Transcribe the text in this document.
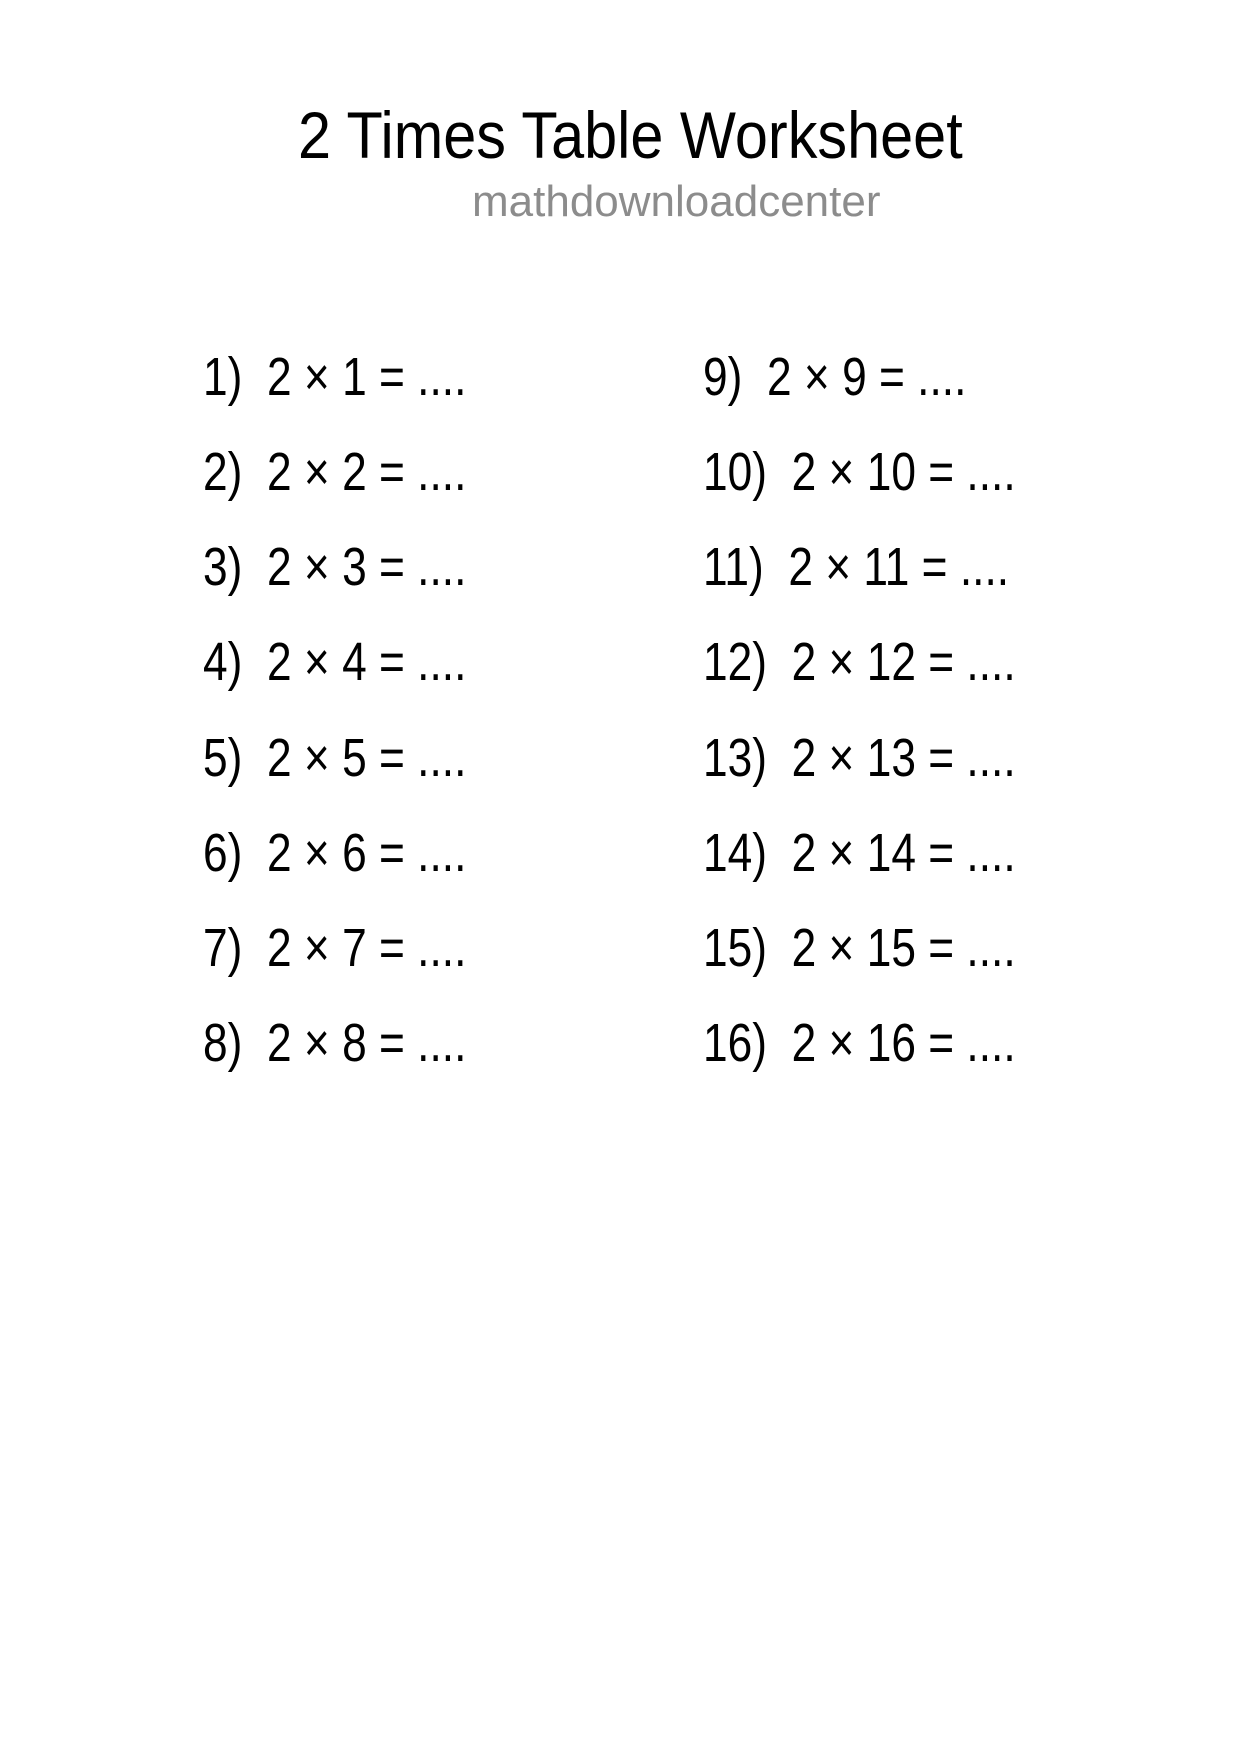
2 Times Table Worksheet
mathdownloadcenter
1) 2 × 1 = ....
2) 2 × 2 = ....
3) 2 × 3 = ....
4) 2 × 4 = ....
5) 2 × 5 = ....
6) 2 × 6 = ....
7) 2 × 7 = ....
8) 2 × 8 = ....
9) 2 × 9 = ....
10) 2 × 10 = ....
11) 2 × 11 = ....
12) 2 × 12 = ....
13) 2 × 13 = ....
14) 2 × 14 = ....
15) 2 × 15 = ....
16) 2 × 16 = ....
